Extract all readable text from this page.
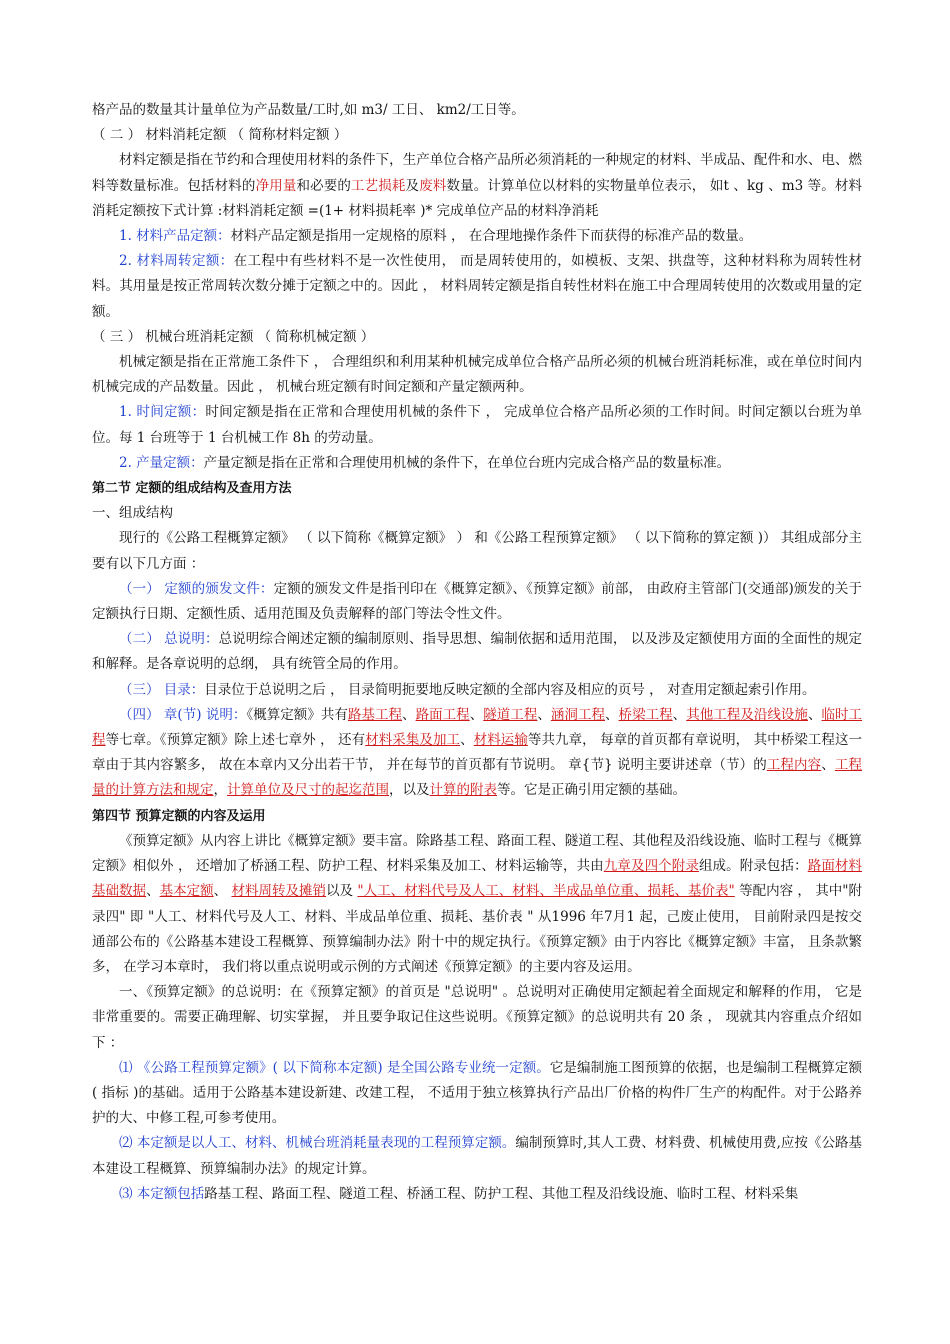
格产品的数量其计量单位为产品数量/工时,如 m3/ 工日、 km2/工日等。

（ 二 ） 材料消耗定额 （ 简称材料定额 ）

材料定额是指在节约和合理使用材料的条件下，生产单位合格产品所必须消耗的一种规定的材料、半成品、配件和水、电、燃料等数量标准。包括材料的净用量和必要的工艺损耗及废料数量。计算单位以材料的实物量单位表示， 如t 、kg 、m3 等。材料消耗定额按下式计算 :材料消耗定额 =(1+ 材料损耗率 )* 完成单位产品的材料净消耗

1. 材料产品定额：材料产品定额是指用一定规格的原料 ， 在合理地操作条件下而获得的标准产品的数量。

2. 材料周转定额：在工程中有些材料不是一次性使用， 而是周转使用的，如模板、支架、拱盘等，这种材料称为周转性材料。其用量是按正常周转次数分摊于定额之中的。因此 ， 材料周转定额是指自转性材料在施工中合理周转使用的次数或用量的定额。

（ 三 ） 机械台班消耗定额 （ 简称机械定额 ）

机械定额是指在正常施工条件下 ， 合理组织和利用某种机械完成单位合格产品所必须的机械台班消耗标准，或在单位时间内机械完成的产品数量。因此 ， 机械台班定额有时间定额和产量定额两种。

1. 时间定额：时间定额是指在正常和合理使用机械的条件下 ， 完成单位合格产品所必须的工作时间。时间定额以台班为单位。每 1 台班等于 1 台机械工作 8h 的劳动量。

2. 产量定额：产量定额是指在正常和合理使用机械的条件下，在单位台班内完成合格产品的数量标准。

第二节 定额的组成结构及查用方法

一、组成结构

现行的《公路工程概算定额》 （ 以下简称《概算定额》 ） 和《公路工程预算定额》 （ 以下简称的算定额 )） 其组成部分主要有以下几方面 ：

（一） 定额的颁发文件：定额的颁发文件是指刊印在《概算定额》、《预算定额》前部， 由政府主管部门(交通部)颁发的关于定额执行日期、定额性质、适用范围及负责解释的部门等法令性文件。

（二） 总说明：总说明综合阐述定额的编制原则、指导思想、编制依据和适用范围， 以及涉及定额使用方面的全面性的规定和解释。是各章说明的总纲， 具有统管全局的作用。

（三） 目录：目录位于总说明之后 ， 目录简明扼要地反映定额的全部内容及相应的页号 ， 对查用定额起索引作用。

（四） 章(节) 说明：《概算定额》共有路基工程、路面工程、隧道工程、涵洞工程、桥梁工程、其他工程及沿线设施、临时工程等七章。《预算定额》除上述七章外 ， 还有材料采集及加工、材料运输等共九章， 每章的首页都有章说明， 其中桥梁工程这一章由于其内容繁多， 故在本章内又分出若干节， 并在每节的首页都有节说明。 章{节} 说明主要讲述章（节）的工程内容、工程量的计算方法和规定，计算单位及尺寸的起迄范围，以及计算的附表等。它是正确引用定额的基础。

第四节 预算定额的内容及运用

《预算定额》从内容上讲比《概算定额》要丰富。除路基工程、路面工程、隧道工程、其他程及沿线设施、临时工程与《概算定额》相似外 ， 还增加了桥涵工程、防护工程、材料采集及加工、材料运输等，共由九章及四个附录组成。附录包括：路面材料基础数据、基本定额、 材料周转及摊销以及 "人工、材料代号及人工、材料、半成品单位重、损耗、基价表" 等配内容 ， 其中"附录四" 即 "人工、材料代号及人工、材料、半成品单位重、损耗、基价表 " 从1996 年7月1 起，己废止使用， 目前附录四是按交通部公布的《公路基本建设工程概算、预算编制办法》附十中的规定执行。《预算定额》由于内容比《概算定额》丰富， 且条款繁多， 在学习本章时， 我们将以重点说明或示例的方式阐述《预算定额》的主要内容及运用。

一、《预算定额》的总说明：在《预算定额》的首页是 "总说明" 。总说明对正确使用定额起着全面规定和解释的作用， 它是非常重要的。需要正确理解、切实掌握， 并且要争取记住这些说明。《预算定额》的总说明共有 20 条 ， 现就其内容重点介绍如下 ：

⑴ 《公路工程预算定额》( 以下简称本定额) 是全国公路专业统一定额。它是编制施工图预算的依据，也是编制工程概算定额( 指标 )的基础。适用于公路基本建设新建、改建工程， 不适用于独立核算执行产品出厂价格的构件厂生产的构配件。对于公路养护的大、中修工程,可参考使用。

⑵ 本定额是以人工、材料、机械台班消耗量表现的工程预算定额。编制预算时,其人工费、材料费、机械使用费,应按《公路基本建设工程概算、预算编制办法》的规定计算。

⑶ 本定额包括路基工程、路面工程、隧道工程、桥涵工程、防护工程、其他工程及沿线设施、临时工程、材料采集
